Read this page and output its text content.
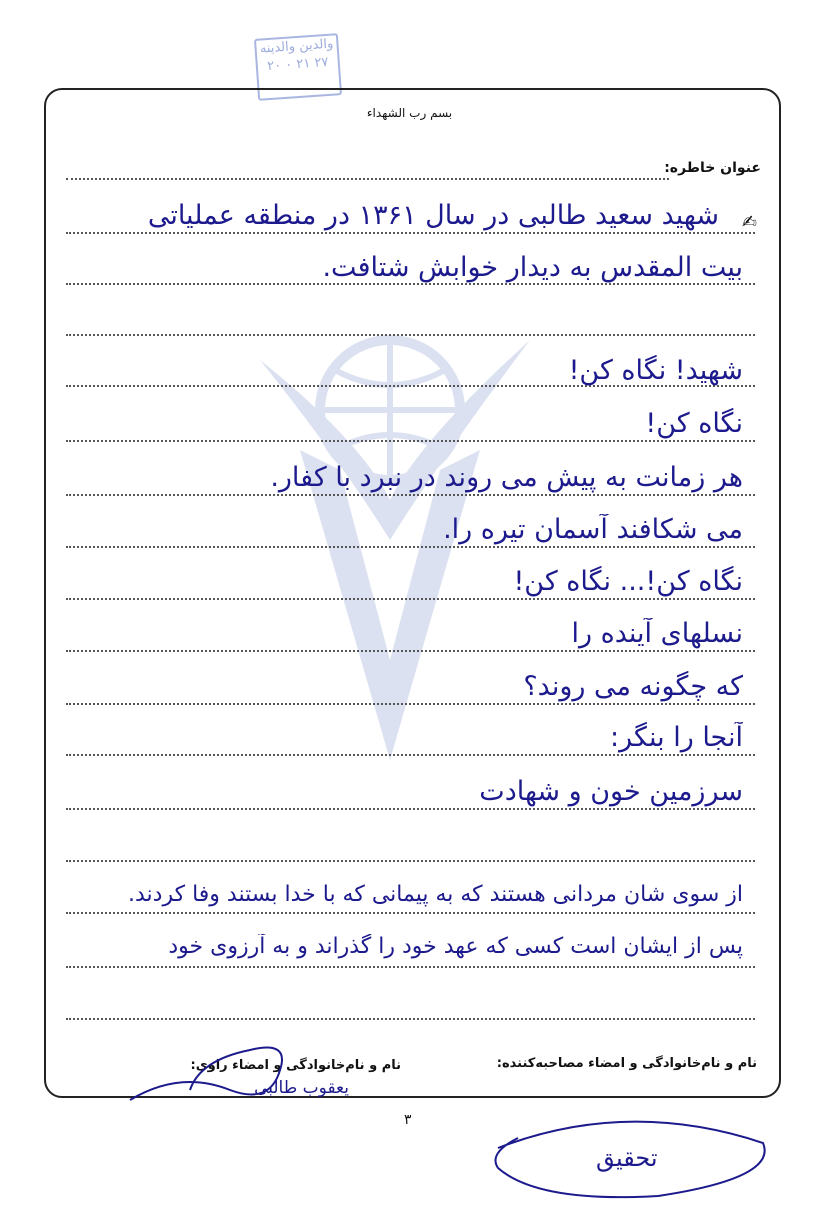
والدین والدینه
۲۰ ۰ ۲۱ ۲۷
بسم رب الشهداء
عنوان خاطره:
✍
شهید سعید طالبی در سال ۱۳۶۱ در منطقه عملیاتی
بیت المقدس به دیدار خوابش شتافت.
شهید! نگاه کن!
نگاه کن!
هر زمانت به پیش می روند در نبرد با کفار.
می شکافند آسمان تیره را.
نگاه کن!... نگاه کن!
نسلهای آینده را
که چگونه می روند؟
آنجا را بنگر:
سرزمین خون و شهادت
از سوی شان مردانی هستند که به پیمانی که با خدا بستند وفا کردند.
پس از ایشان است کسی که عهد خود را گذراند و به آرزوی خود
نام و نام‌خانوادگی و امضاء مصاحبه‌کننده:
نام و نام‌خانوادگی و امضاء راوی:
یعقوب طالبی
۳
تحقیق
